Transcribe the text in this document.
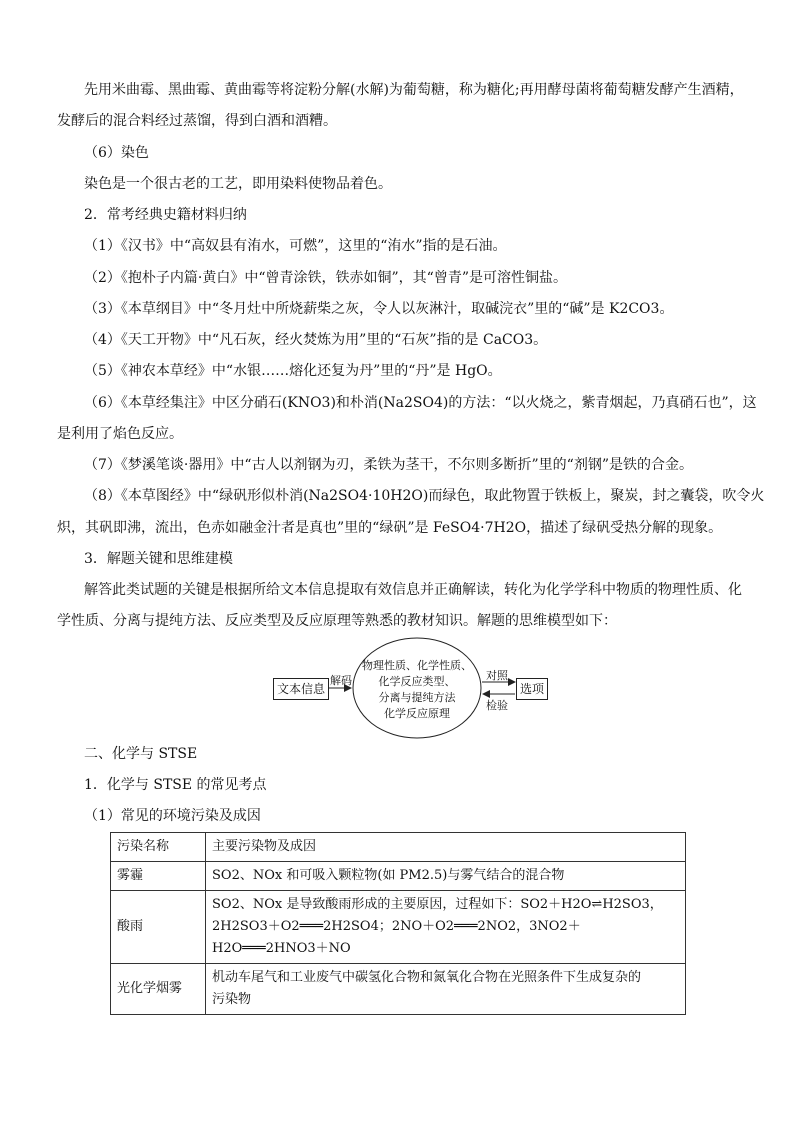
先用米曲霉、黑曲霉、黄曲霉等将淀粉分解(水解)为葡萄糖，称为糖化;再用酵母菌将葡萄糖发酵产生酒精，
发酵后的混合料经过蒸馏，得到白酒和酒糟。
（6）染色
染色是一个很古老的工艺，即用染料使物品着色。
2．常考经典史籍材料归纳
（1）《汉书》中“高奴县有洧水，可燃”，这里的“洧水”指的是石油。
（2）《抱朴子内篇·黄白》中“曾青涂铁，铁赤如铜”，其“曾青”是可溶性铜盐。
（3）《本草纲目》中“冬月灶中所烧薪柴之灰，令人以灰淋汁，取碱浣衣”里的“碱”是 K2CO3。
（4）《天工开物》中“凡石灰，经火焚炼为用”里的“石灰”指的是 CaCO3。
（5）《神农本草经》中“水银……熔化还复为丹”里的“丹”是 HgO。
（6）《本草经集注》中区分硝石(KNO3)和朴消(Na2SO4)的方法：“以火烧之，紫青烟起，乃真硝石也”，这
是利用了焰色反应。
（7）《梦溪笔谈·器用》中“古人以剂钢为刃，柔铁为茎干，不尔则多断折”里的“剂钢”是铁的合金。
（8）《本草图经》中“绿矾形似朴消(Na2SO4·10H2O)而绿色，取此物置于铁板上，聚炭，封之囊袋，吹令火
炽，其矾即沸，流出，色赤如融金汁者是真也”里的“绿矾”是 FeSO4·7H2O，描述了绿矾受热分解的现象。
3．解题关键和思维建模
解答此类试题的关键是根据所给文本信息提取有效信息并正确解读，转化为化学学科中物质的物理性质、化
学性质、分离与提纯方法、反应类型及反应原理等熟悉的教材知识。解题的思维模型如下：
文本信息
解码
物理性质、化学性质、
化学反应类型、
分离与提纯方法
化学反应原理
对照
检验
选项
二、化学与 STSE
1．化学与 STSE 的常见考点
（1）常见的环境污染及成因
污染名称	主要污染物及成因
雾霾	SO2、NOx 和可吸入颗粒物(如 PM2.5)与雾气结合的混合物
酸雨	SO2、NOx 是导致酸雨形成的主要原因，过程如下：SO2＋H2O⇌H2SO3，
2H2SO3＋O2═══2H2SO4；2NO＋O2═══2NO2，3NO2＋H2O═══2HNO3＋NO

光化学烟雾	机动车尾气和工业废气中碳氢化合物和氮氧化合物在光照条件下生成复杂的
污染物
